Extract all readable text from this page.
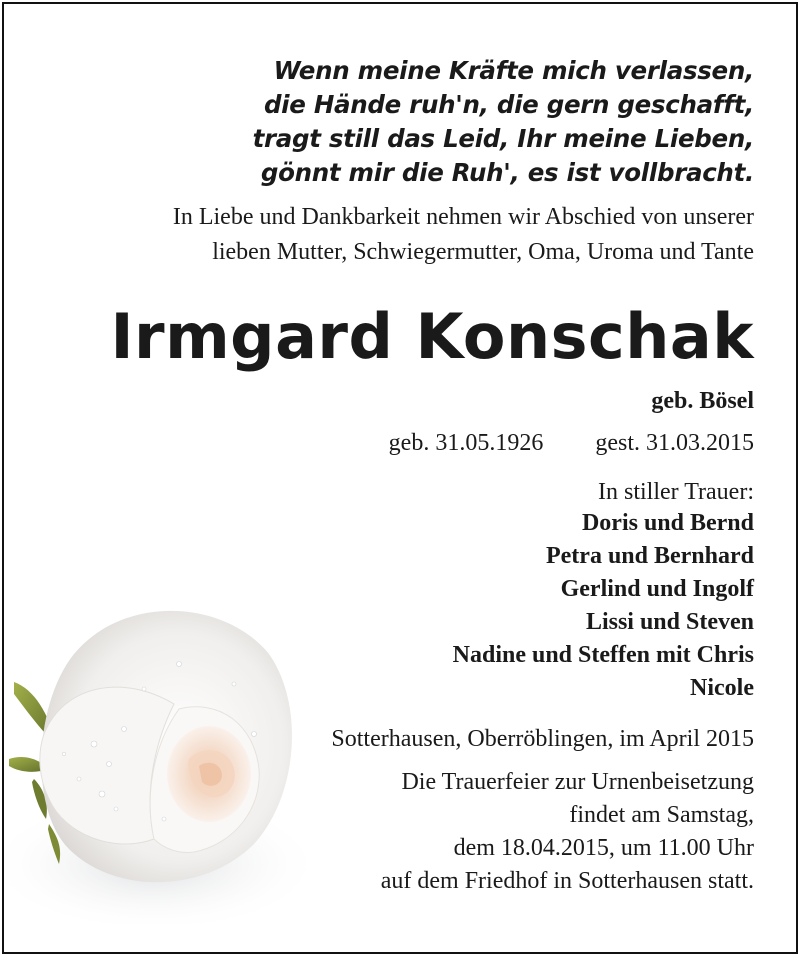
Wenn meine Kräfte mich verlassen,
die Hände ruh'n, die gern geschafft,
tragt still das Leid, Ihr meine Lieben,
gönnt mir die Ruh', es ist vollbracht.
In Liebe und Dankbarkeit nehmen wir Abschied von unserer
lieben Mutter, Schwiegermutter, Oma, Uroma und Tante
Irmgard Konschak
geb. Bösel
geb. 31.05.1926 gest. 31.03.2015
In stiller Trauer:
Doris und Bernd
Petra und Bernhard
Gerlind und Ingolf
Lissi und Steven
Nadine und Steffen mit Chris
Nicole
Sotterhausen, Oberröblingen, im April 2015
Die Trauerfeier zur Urnenbeisetzung
findet am Samstag,
dem 18.04.2015, um 11.00 Uhr
auf dem Friedhof in Sotterhausen statt.
